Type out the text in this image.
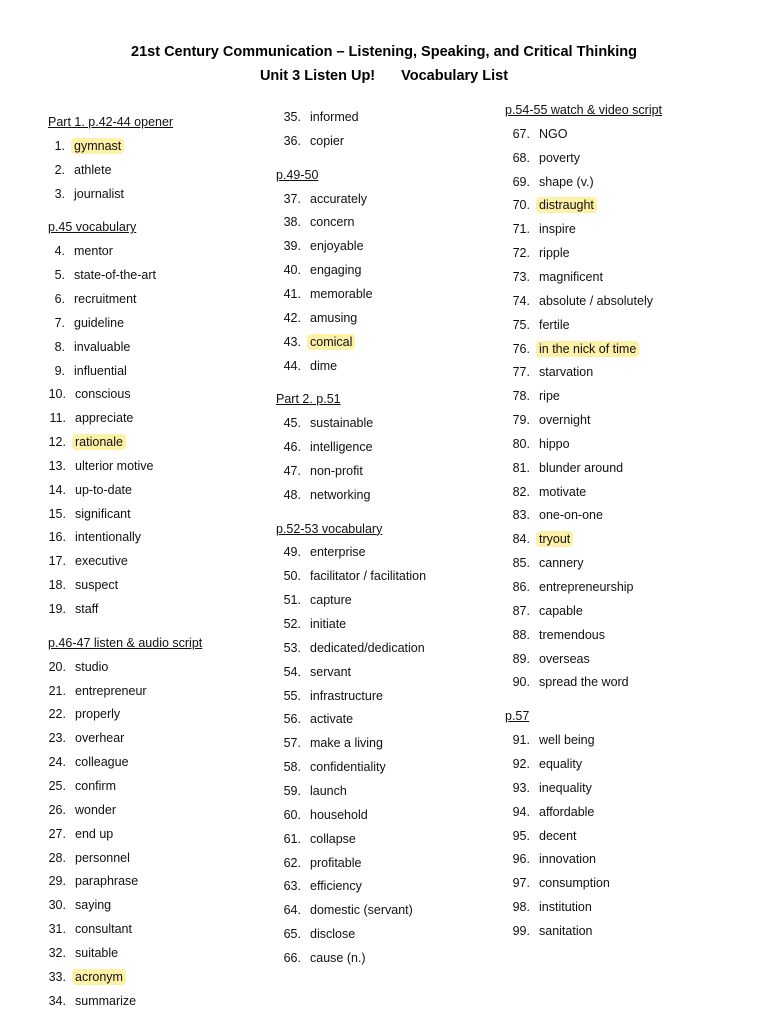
21st Century Communication – Listening, Speaking, and Critical Thinking
Unit 3 Listen Up! Vocabulary List
Part 1. p.42-44 opener
1. gymnast
2. athlete
3. journalist
p.45 vocabulary
4. mentor
5. state-of-the-art
6. recruitment
7. guideline
8. invaluable
9. influential
10. conscious
11. appreciate
12. rationale
13. ulterior motive
14. up-to-date
15. significant
16. intentionally
17. executive
18. suspect
19. staff
p.46-47 listen & audio script
20. studio
21. entrepreneur
22. properly
23. overhear
24. colleague
25. confirm
26. wonder
27. end up
28. personnel
29. paraphrase
30. saying
31. consultant
32. suitable
33. acronym
34. summarize
35. informed
36. copier
p.49-50
37. accurately
38. concern
39. enjoyable
40. engaging
41. memorable
42. amusing
43. comical
44. dime
Part 2. p.51
45. sustainable
46. intelligence
47. non-profit
48. networking
p.52-53 vocabulary
49. enterprise
50. facilitator / facilitation
51. capture
52. initiate
53. dedicated/dedication
54. servant
55. infrastructure
56. activate
57. make a living
58. confidentiality
59. launch
60. household
61. collapse
62. profitable
63. efficiency
64. domestic (servant)
65. disclose
66. cause (n.)
p.54-55 watch & video script
67. NGO
68. poverty
69. shape (v.)
70. distraught
71. inspire
72. ripple
73. magnificent
74. absolute / absolutely
75. fertile
76. in the nick of time
77. starvation
78. ripe
79. overnight
80. hippo
81. blunder around
82. motivate
83. one-on-one
84. tryout
85. cannery
86. entrepreneurship
87. capable
88. tremendous
89. overseas
90. spread the word
p.57
91. well being
92. equality
93. inequality
94. affordable
95. decent
96. innovation
97. consumption
98. institution
99. sanitation
